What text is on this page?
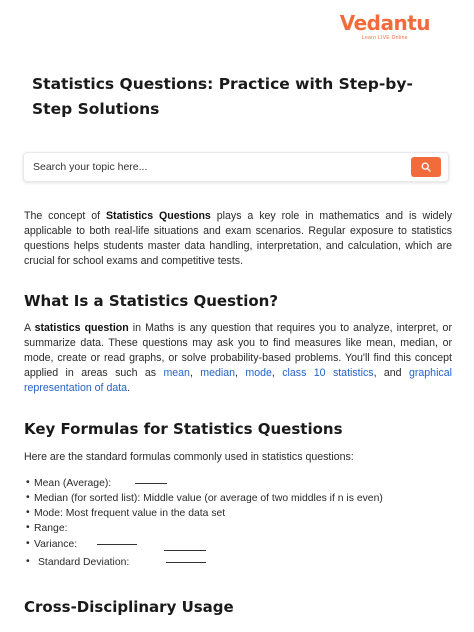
Vedantu
Learn LIVE Online
Statistics Questions: Practice with Step-by-Step Solutions
Search your topic here...

The concept of Statistics Questions plays a key role in mathematics and is widely applicable to both real-life situations and exam scenarios. Regular exposure to statistics questions helps students master data handling, interpretation, and calculation, which are crucial for school exams and competitive tests.

What Is a Statistics Question?

A statistics question in Maths is any question that requires you to analyze, interpret, or summarize data. These questions may ask you to find measures like mean, median, or mode, create or read graphs, or solve probability-based problems. You'll find this concept applied in areas such as mean, median, mode, class 10 statistics, and graphical representation of data.

Key Formulas for Statistics Questions

Here are the standard formulas commonly used in statistics questions:

• Mean (Average):
• Median (for sorted list): Middle value (or average of two middles if n is even)
• Mode: Most frequent value in the data set
• Range:
• Variance:
• Standard Deviation:
Cross-Disciplinary Usage
